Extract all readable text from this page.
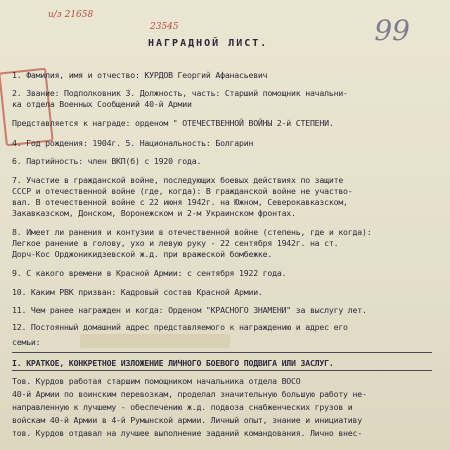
и/з 21658
23545	99
НАГРАДНОЙ ЛИСТ.
1. Фамилия, имя и отчество: КУРДОВ Георгий Афанасьевич
2. Звание: Подполковник 3. Должность, часть: Старший помощник начальни-
ка отдела Военных Сообщений 40-й Армии
Представляется к награде: орденом " ОТЕЧЕСТВЕННОЙ ВОЙНЫ 2-й СТЕПЕНИ.
4. Год рождения: 1904г. 5. Национальность: Болгарин
6. Партийность: член ВКП(б) с 1920 года.
7. Участие в гражданской войне, последующих боевых действиях по защите
СССР и отечественной войне (где, когда): В гражданской войне не участво-
вал. В отечественной войне с 22 июня 1942г. на Южном, Северокавказском,
Закавказском, Донском, Воронежском и 2-м Украинском фронтах.
8. Имеет ли ранения и контузии в отечественной войне (степень, где и когда):
Легкое ранение в голову, ухо и левую руку - 22 сентября 1942г. на ст.
Дорч-Кос Орджоникидзевской ж.д. при вражеской бомбежке.
9. С какого времени в Красной Армии: с сентября 1922 года.
10. Каким РВК призван: Кадровый состав Красной Армии.
11. Чем ранее награжден и когда: Орденом "КРАСНОГО ЗНАМЕНИ" за выслугу лет.
12. Постоянный домашний адрес представляемого к награждению и адрес его
семьи:
I. КРАТКОЕ, КОНКРЕТНОЕ ИЗЛОЖЕНИЕ ЛИЧНОГО БОЕВОГО ПОДВИГА ИЛИ ЗАСЛУГ.
Тов. Курдов работая старшим помощником начальника отдела ВОСО
40-й Армии по воинским перевозкам, проделал значительную большую работу не-
направленную к лучшему - обеспечению ж.д. подвоза снабженческих грузов и
войскам 40-й Армии в 4-й Румынской армии. Личный опыт, знание и инициативу
тов. Курдов отдавал на лучшее выполнение заданий командования. Лично внес-
